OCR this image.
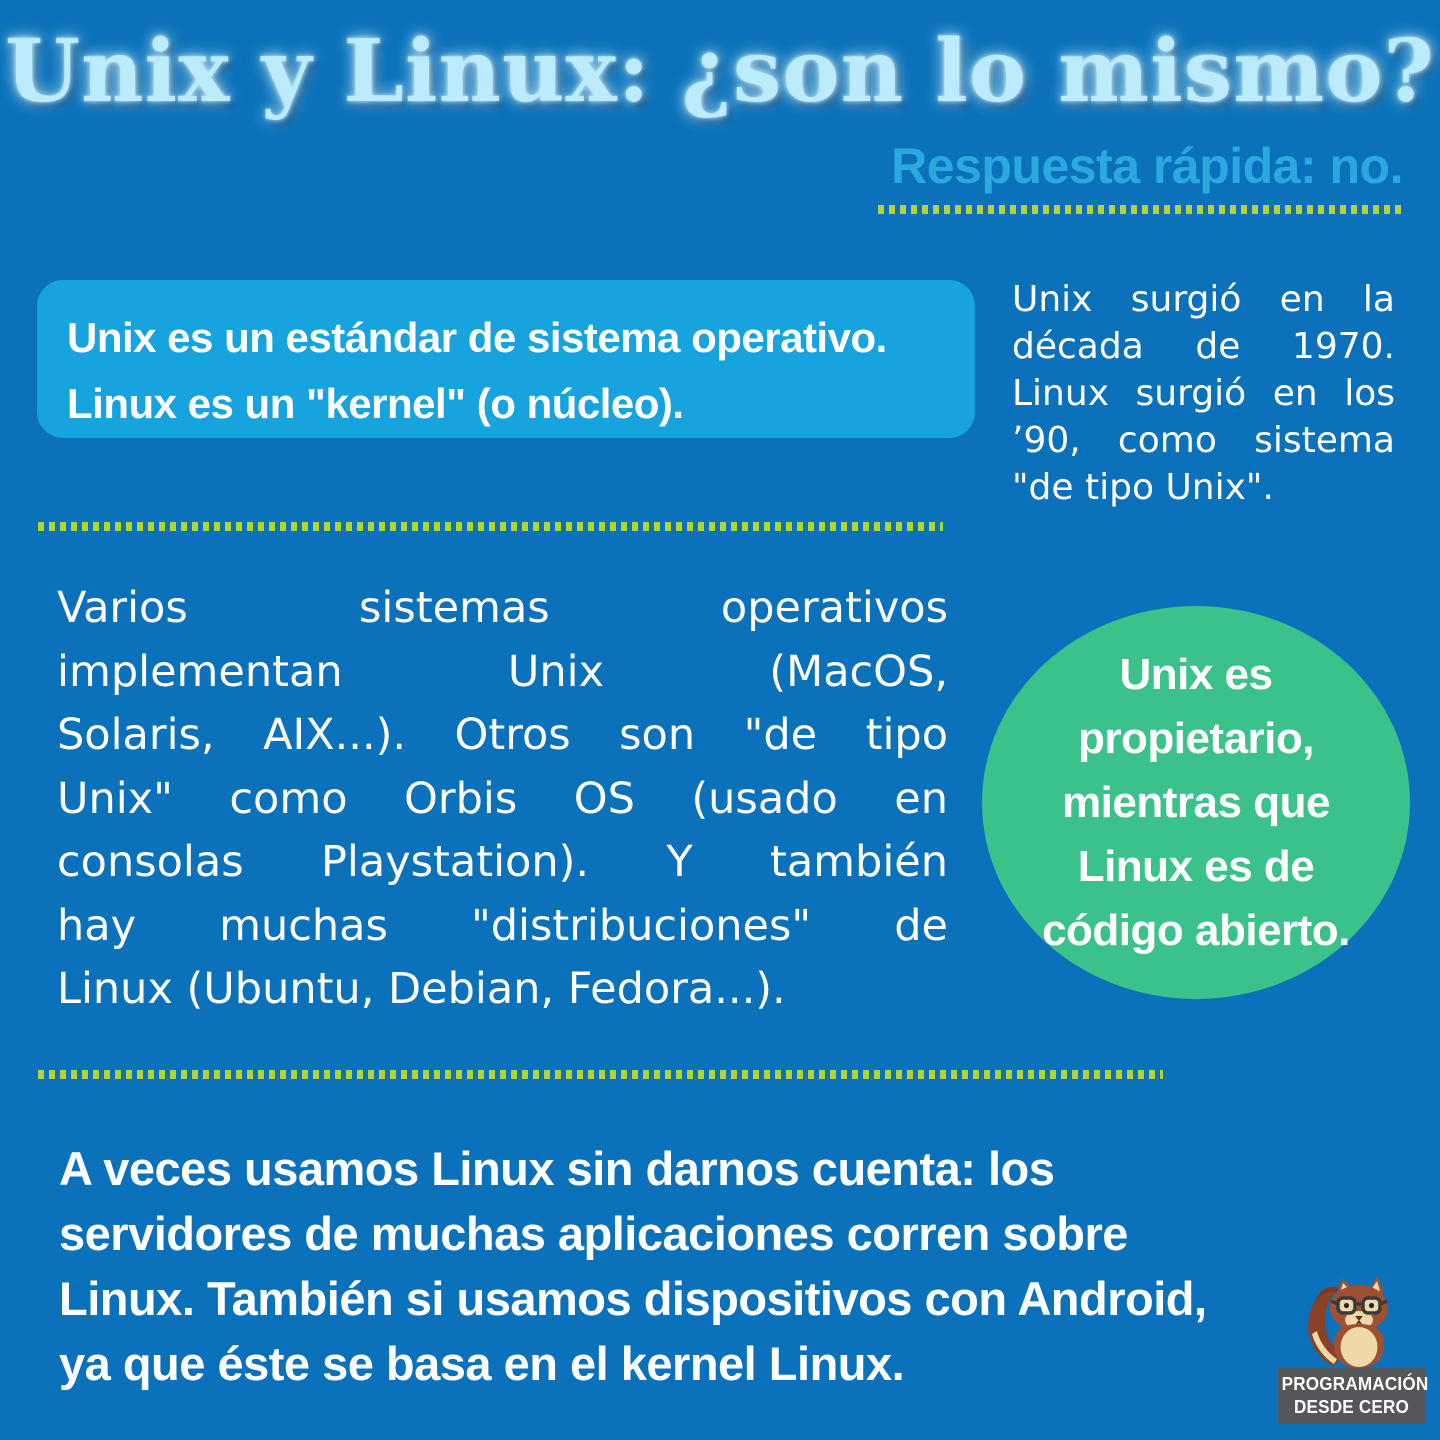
Unix y Linux: ¿son lo mismo?
Respuesta rápida: no.
Unix es un estándar de sistema operativo.
Linux es un "kernel" (o núcleo).
Unix surgió en la
década de 1970.
Linux surgió en los
’90, como sistema
"de tipo Unix".
Varios sistemas operativos
implementan Unix (MacOS,
Solaris, AIX...). Otros son "de tipo
Unix" como Orbis OS (usado en
consolas Playstation). Y también
hay muchas "distribuciones" de
Linux (Ubuntu, Debian, Fedora...).
Unix es
propietario,
mientras que
Linux es de
código abierto.
A veces usamos Linux sin darnos cuenta: los
servidores de muchas aplicaciones corren sobre
Linux. También si usamos dispositivos con Android,
ya que éste se basa en el kernel Linux.	PROGRAMACIÓN
DESDE CERO
